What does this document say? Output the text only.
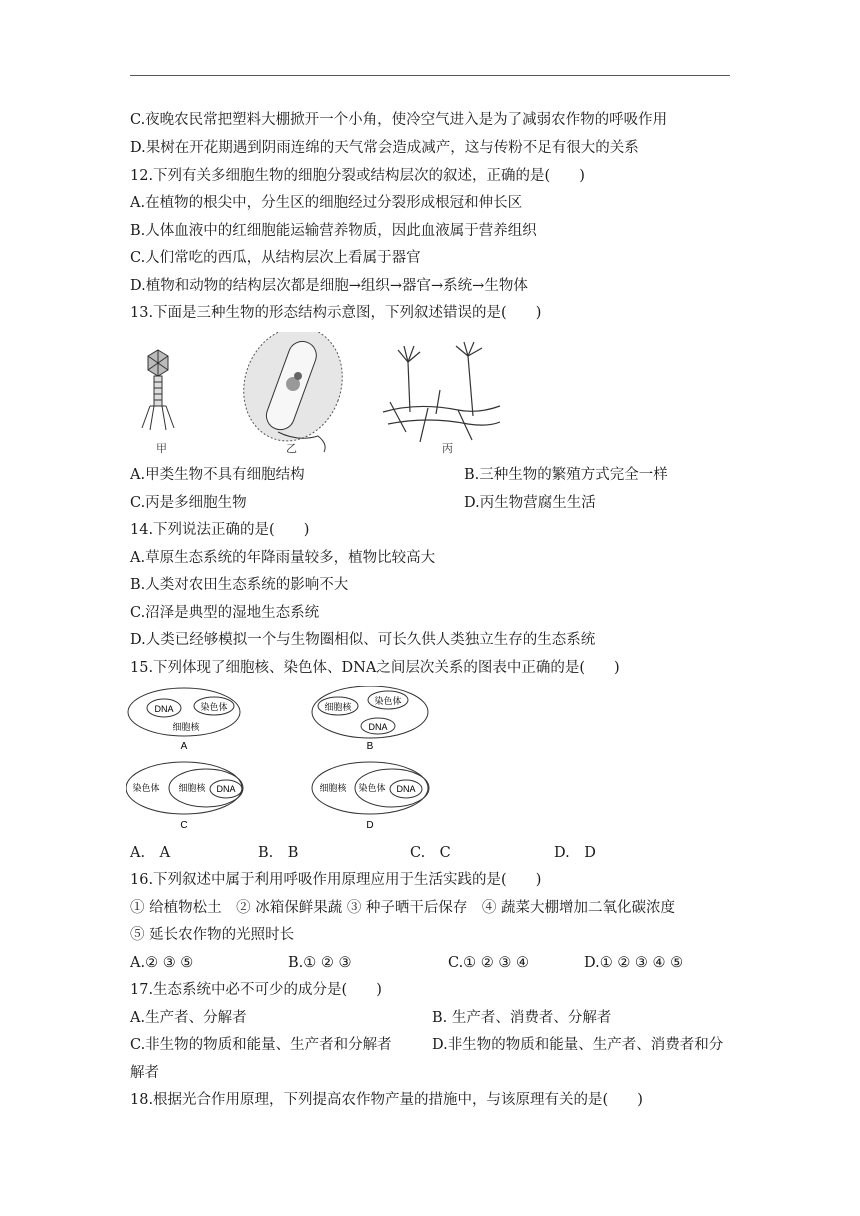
C.夜晚农民常把塑料大棚掀开一个小角，使冷空气进入是为了减弱农作物的呼吸作用
D.果树在开花期遇到阴雨连绵的天气常会造成减产，这与传粉不足有很大的关系
12.下列有关多细胞生物的细胞分裂或结构层次的叙述，正确的是(　　)
A.在植物的根尖中，分生区的细胞经过分裂形成根冠和伸长区
B.人体血液中的红细胞能运输营养物质，因此血液属于营养组织
C.人们常吃的西瓜，从结构层次上看属于器官
D.植物和动物的结构层次都是细胞→组织→器官→系统→生物体
13.下面是三种生物的形态结构示意图，下列叙述错误的是(　　)
甲	乙	丙
A.甲类生物不具有细胞结构	B.三种生物的繁殖方式完全一样
C.丙是多细胞生物	D.丙生物营腐生生活
14.下列说法正确的是(　　)
A.草原生态系统的年降雨量较多，植物比较高大
B.人类对农田生态系统的影响不大
C.沼泽是典型的湿地生态系统
D.人类已经够模拟一个与生物圈相似、可长久供人类独立生存的生态系统
15.下列体现了细胞核、染色体、DNA之间层次关系的图表中正确的是(　　)
DNA	染色体
细胞核
A
细胞核
染色体
DNA
B
染色体 细胞核 DNA
C
细胞核 染色体 DNA
D
A.　A	B.　B	C.　C	D.　D
16.下列叙述中属于利用呼吸作用原理应用于生活实践的是(　　)
① 给植物松土　② 冰箱保鲜果蔬 ③ 种子晒干后保存　④ 蔬菜大棚增加二氧化碳浓度
⑤ 延长农作物的光照时长
A.② ③ ⑤	B.① ② ③	C.① ② ③ ④	D.① ② ③ ④ ⑤
17.生态系统中必不可少的成分是(　　)
A.生产者、分解者	B. 生产者、消费者、分解者
C.非生物的物质和能量、生产者和分解者	D.非生物的物质和能量、生产者、消费者和分
解者
18.根据光合作用原理，下列提高农作物产量的措施中，与该原理有关的是(　　)
